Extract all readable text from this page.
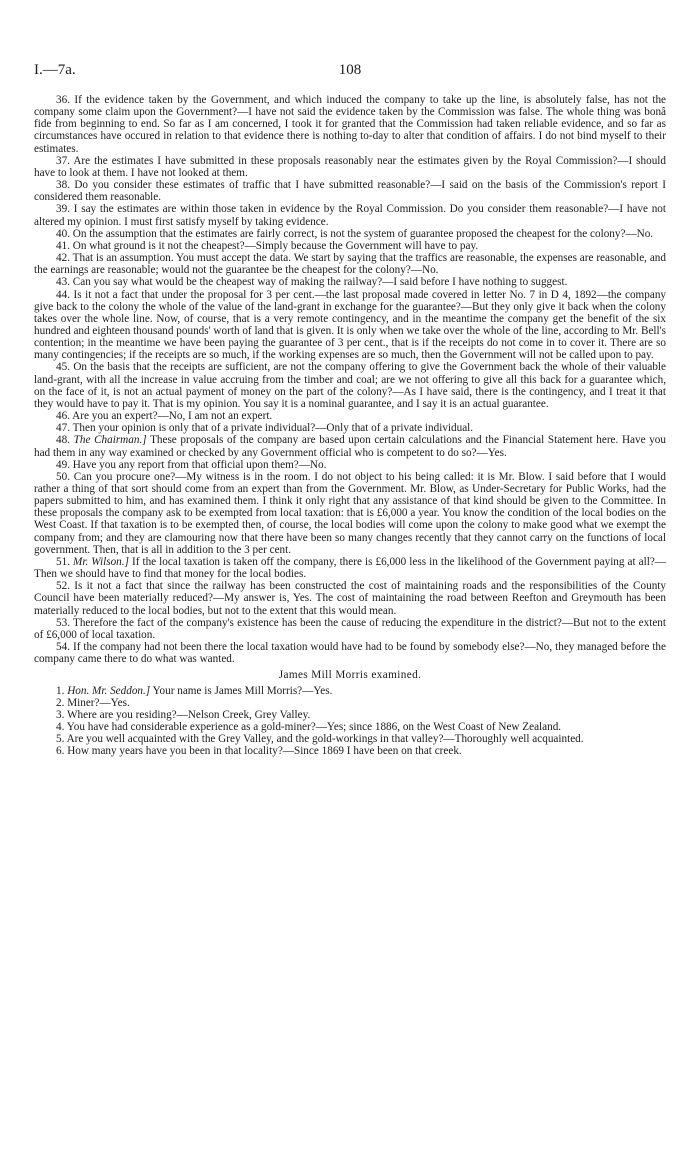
I.—7a.	108

36. If the evidence taken by the Government, and which induced the company to take up the line, is absolutely false, has not the company some claim upon the Government?—I have not said the evidence taken by the Commission was false. The whole thing was bonâ fide from beginning to end. So far as I am concerned, I took it for granted that the Commission had taken reliable evidence, and so far as circumstances have occured in relation to that evidence there is nothing to-day to alter that condition of affairs. I do not bind myself to their estimates.

37. Are the estimates I have submitted in these proposals reasonably near the estimates given by the Royal Commission?—I should have to look at them. I have not looked at them.

38. Do you consider these estimates of traffic that I have submitted reasonable?—I said on the basis of the Commission's report I considered them reasonable.

39. I say the estimates are within those taken in evidence by the Royal Commission. Do you consider them reasonable?—I have not altered my opinion. I must first satisfy myself by taking evidence.

40. On the assumption that the estimates are fairly correct, is not the system of guarantee proposed the cheapest for the colony?—No.

41. On what ground is it not the cheapest?—Simply because the Government will have to pay.

42. That is an assumption. You must accept the data. We start by saying that the traffics are reasonable, the expenses are reasonable, and the earnings are reasonable; would not the guarantee be the cheapest for the colony?—No.

43. Can you say what would be the cheapest way of making the railway?—I said before I have nothing to suggest.

44. Is it not a fact that under the proposal for 3 per cent.—the last proposal made covered in letter No. 7 in D 4, 1892—the company give back to the colony the whole of the value of the land-grant in exchange for the guarantee?—But they only give it back when the colony takes over the whole line. Now, of course, that is a very remote contingency, and in the meantime the company get the benefit of the six hundred and eighteen thousand pounds' worth of land that is given. It is only when we take over the whole of the line, according to Mr. Bell's contention; in the meantime we have been paying the guarantee of 3 per cent., that is if the receipts do not come in to cover it. There are so many contingencies; if the receipts are so much, if the working expenses are so much, then the Government will not be called upon to pay.

45. On the basis that the receipts are sufficient, are not the company offering to give the Government back the whole of their valuable land-grant, with all the increase in value accruing from the timber and coal; are we not offering to give all this back for a guarantee which, on the face of it, is not an actual payment of money on the part of the colony?—As I have said, there is the contingency, and I treat it that they would have to pay it. That is my opinion. You say it is a nominal guarantee, and I say it is an actual guarantee.

46. Are you an expert?—No, I am not an expert.

47. Then your opinion is only that of a private individual?—Only that of a private individual.

48. The Chairman.] These proposals of the company are based upon certain calculations and the Financial Statement here. Have you had them in any way examined or checked by any Government official who is competent to do so?—Yes.

49. Have you any report from that official upon them?—No.

50. Can you procure one?—My witness is in the room. I do not object to his being called: it is Mr. Blow. I said before that I would rather a thing of that sort should come from an expert than from the Government. Mr. Blow, as Under-Secretary for Public Works, had the papers submitted to him, and has examined them. I think it only right that any assistance of that kind should be given to the Committee. In these proposals the company ask to be exempted from local taxation: that is £6,000 a year. You know the condition of the local bodies on the West Coast. If that taxation is to be exempted then, of course, the local bodies will come upon the colony to make good what we exempt the company from; and they are clamouring now that there have been so many changes recently that they cannot carry on the functions of local government. Then, that is all in addition to the 3 per cent.

51. Mr. Wilson.] If the local taxation is taken off the company, there is £6,000 less in the likelihood of the Government paying at all?—Then we should have to find that money for the local bodies.

52. Is it not a fact that since the railway has been constructed the cost of maintaining roads and the responsibilities of the County Council have been materially reduced?—My answer is, Yes. The cost of maintaining the road between Reefton and Greymouth has been materially reduced to the local bodies, but not to the extent that this would mean.

53. Therefore the fact of the company's existence has been the cause of reducing the expenditure in the district?—But not to the extent of £6,000 of local taxation.

54. If the company had not been there the local taxation would have had to be found by somebody else?—No, they managed before the company came there to do what was wanted.

James Mill Morris examined.

1. Hon. Mr. Seddon.] Your name is James Mill Morris?—Yes.

2. Miner?—Yes.

3. Where are you residing?—Nelson Creek, Grey Valley.

4. You have had considerable experience as a gold-miner?—Yes; since 1886, on the West Coast of New Zealand.

5. Are you well acquainted with the Grey Valley, and the gold-workings in that valley?—Thoroughly well acquainted.

6. How many years have you been in that locality?—Since 1869 I have been on that creek.
